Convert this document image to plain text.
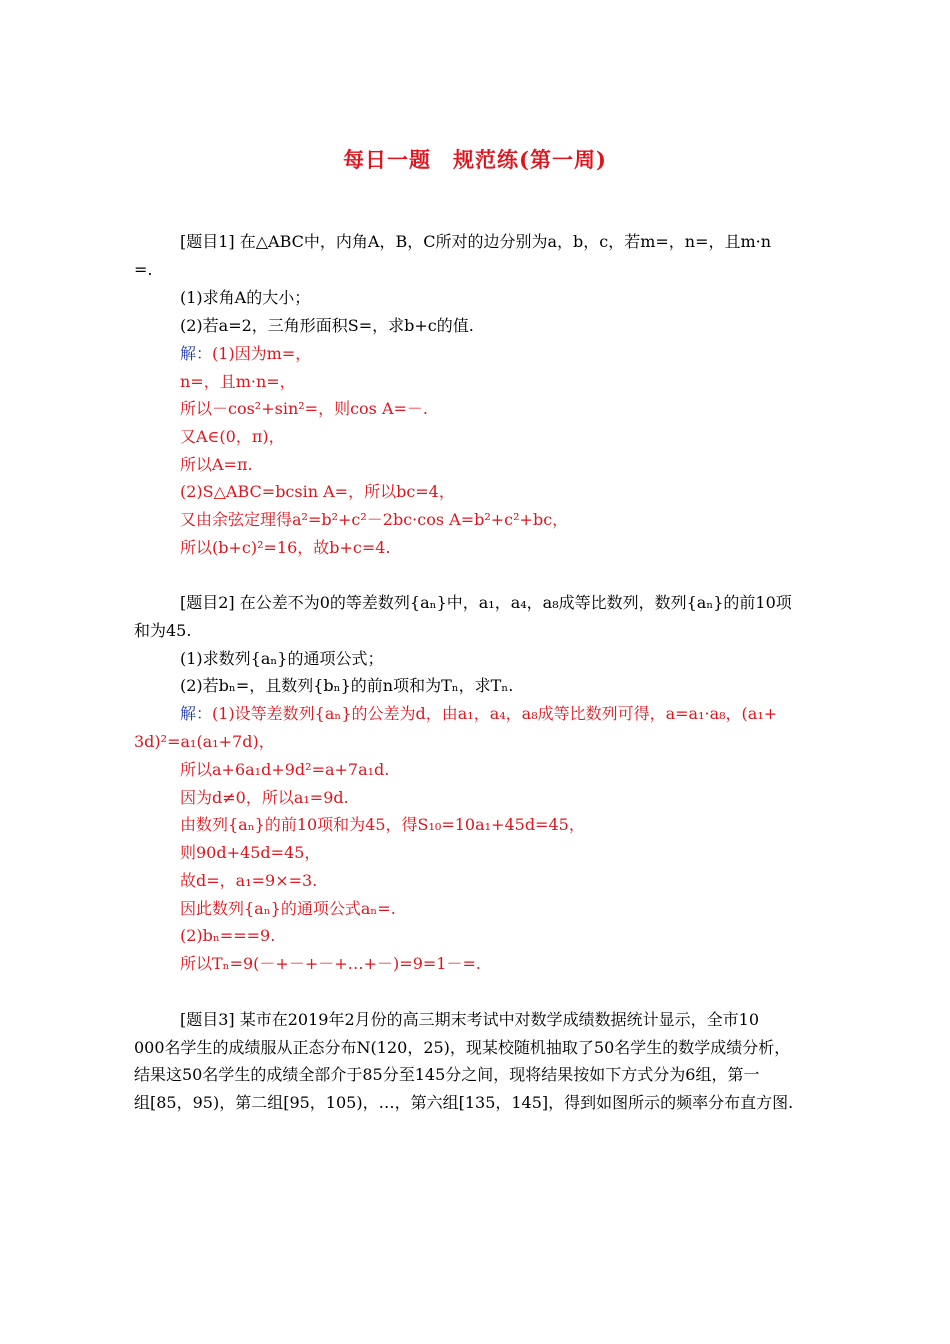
每日一题　规范练(第一周)
[题目1] 在△ABC中，内角A，B，C所对的边分别为a，b，c，若m=，n=，且m·n
=.
(1)求角A的大小；
(2)若a=2，三角形面积S=，求b+c的值.
解：(1)因为m=，
n=，且m·n=，
所以－cos²+sin²=，则cos A=－.
又A∈(0，π)，
所以A=π.
(2)S△ABC=bcsin A=，所以bc=4，
又由余弦定理得a²=b²+c²－2bc·cos A=b²+c²+bc，
所以(b+c)²=16，故b+c=4.
[题目2] 在公差不为0的等差数列{aₙ}中，a₁，a₄，a₈成等比数列，数列{aₙ}的前10项
和为45.
(1)求数列{aₙ}的通项公式；
(2)若bₙ=，且数列{bₙ}的前n项和为Tₙ，求Tₙ.
解：(1)设等差数列{aₙ}的公差为d，由a₁，a₄，a₈成等比数列可得，a=a₁·a₈，(a₁+
3d)²=a₁(a₁+7d)，
所以a+6a₁d+9d²=a+7a₁d.
因为d≠0，所以a₁=9d.
由数列{aₙ}的前10项和为45，得S₁₀=10a₁+45d=45，
则90d+45d=45，
故d=，a₁=9×=3.
因此数列{aₙ}的通项公式aₙ=.
(2)bₙ===9.
所以Tₙ=9(－+－+－+…+－)=9=1－=.
[题目3] 某市在2019年2月份的高三期末考试中对数学成绩数据统计显示，全市10
000名学生的成绩服从正态分布N(120，25)，现某校随机抽取了50名学生的数学成绩分析，
结果这50名学生的成绩全部介于85分至145分之间，现将结果按如下方式分为6组，第一
组[85，95)，第二组[95，105)，…，第六组[135，145]，得到如图所示的频率分布直方图.
